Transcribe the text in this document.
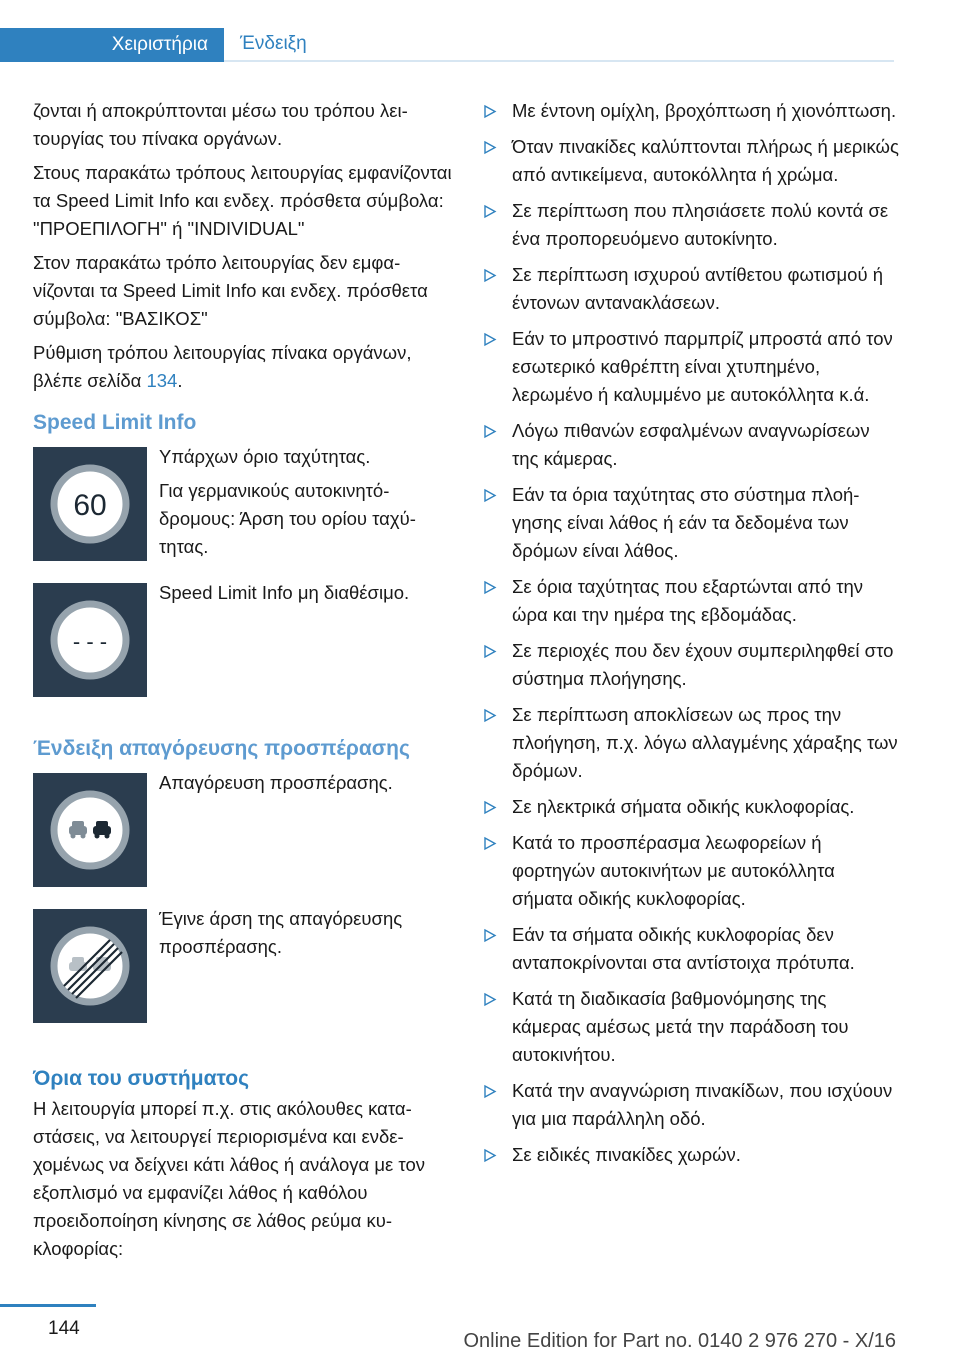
Χειριστήρια	Ένδειξη

ζονται ή αποκρύπτονται μέσω του τρόπου λειτουργίας του πίνακα οργάνων.

Στους παρακάτω τρόπους λειτουργίας εμφανίζονται τα Speed Limit Info και ενδεχ. πρόσθετα σύμβολα: "ΠΡΟΕΠΙΛΟΓΗ" ή "INDIVIDUAL"

Στον παρακάτω τρόπο λειτουργίας δεν εμφανίζονται τα Speed Limit Info και ενδεχ. πρόσθετα σύμβολα: "ΒΑΣΙΚΟΣ"

Ρύθμιση τρόπου λειτουργίας πίνακα οργάνων, βλέπε σελίδα 134.

Speed Limit Info
60

Υπάρχων όριο ταχύτητας.

Για γερμανικούς αυτοκινητόδρομους: Άρση του ορίου ταχύτητας.

- - -

Speed Limit Info μη διαθέσιμο.

Ένδειξη απαγόρευσης προσπέρασης

Απαγόρευση προσπέρασης.

Έγινε άρση της απαγόρευσης προσπέρασης.

Όρια του συστήματος

Η λειτουργία μπορεί π.χ. στις ακόλουθες καταστάσεις, να λειτουργεί περιορισμένα και ενδεχομένως να δείχνει κάτι λάθος ή ανάλογα με τον εξοπλισμό να εμφανίζει λάθος ή καθόλου προειδοποίηση κίνησης σε λάθος ρεύμα κυκλοφορίας:

Με έντονη ομίχλη, βροχόπτωση ή χιονόπτωση.
Όταν πινακίδες καλύπτονται πλήρως ή μερικώς από αντικείμενα, αυτοκόλλητα ή χρώμα.
Σε περίπτωση που πλησιάσετε πολύ κοντά σε ένα προπορευόμενο αυτοκίνητο.
Σε περίπτωση ισχυρού αντίθετου φωτισμού ή έντονων αντανακλάσεων.
Εάν το μπροστινό παρμπρίζ μπροστά από τον εσωτερικό καθρέπτη είναι χτυπημένο, λερωμένο ή καλυμμένο με αυτοκόλλητα κ.ά.
Λόγω πιθανών εσφαλμένων αναγνωρίσεων της κάμερας.
Εάν τα όρια ταχύτητας στο σύστημα πλοήγησης είναι λάθος ή εάν τα δεδομένα των δρόμων είναι λάθος.
Σε όρια ταχύτητας που εξαρτώνται από την ώρα και την ημέρα της εβδομάδας.
Σε περιοχές που δεν έχουν συμπεριληφθεί στο σύστημα πλοήγησης.
Σε περίπτωση αποκλίσεων ως προς την πλοήγηση, π.χ. λόγω αλλαγμένης χάραξης των δρόμων.
Σε ηλεκτρικά σήματα οδικής κυκλοφορίας.
Κατά το προσπέρασμα λεωφορείων ή φορτηγών αυτοκινήτων με αυτοκόλλητα σήματα οδικής κυκλοφορίας.
Εάν τα σήματα οδικής κυκλοφορίας δεν ανταποκρίνονται στα αντίστοιχα πρότυπα.
Κατά τη διαδικασία βαθμονόμησης της κάμερας αμέσως μετά την παράδοση του αυτοκινήτου.
Κατά την αναγνώριση πινακίδων, που ισχύουν για μια παράλληλη οδό.
Σε ειδικές πινακίδες χωρών.
144
Online Edition for Part no. 0140 2 976 270 - X/16
